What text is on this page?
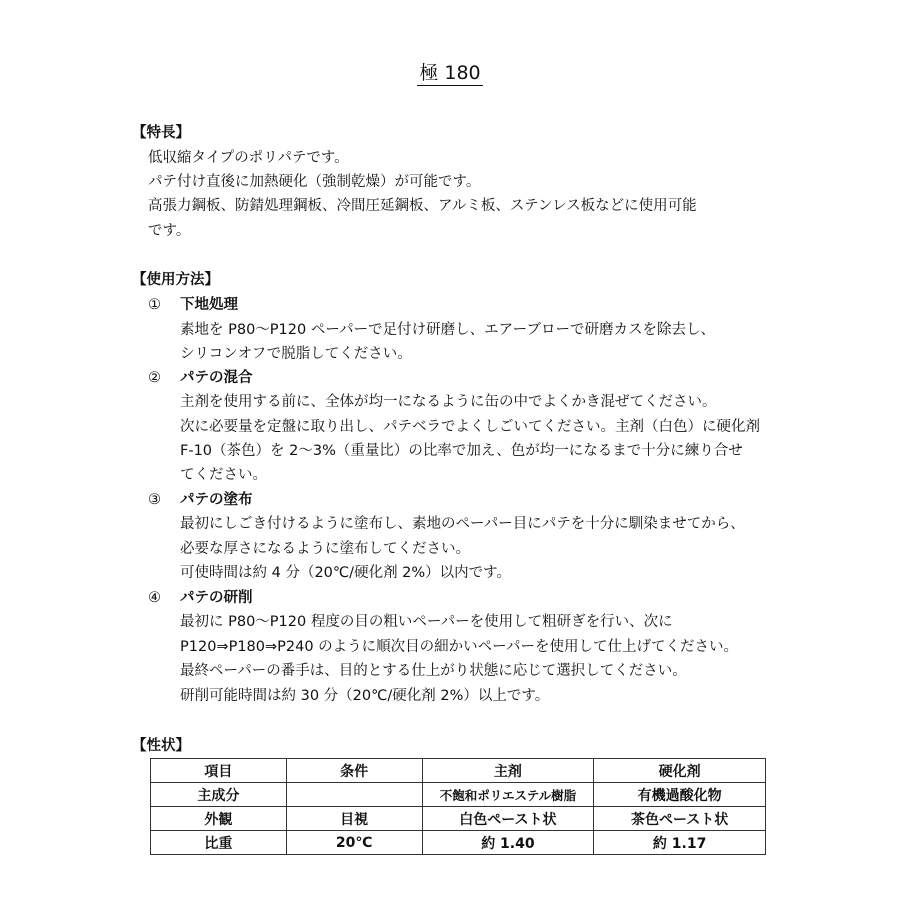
極 180
【特長】
低収縮タイプのポリパテです。
パテ付け直後に加熱硬化（強制乾燥）が可能です。
高張力鋼板、防錆処理鋼板、冷間圧延鋼板、アルミ板、ステンレス板などに使用可能
です。
【使用方法】
① 下地処理
素地を P80～P120 ペーパーで足付け研磨し、エアーブローで研磨カスを除去し、
シリコンオフで脱脂してください。
② パテの混合
主剤を使用する前に、全体が均一になるように缶の中でよくかき混ぜてください。
次に必要量を定盤に取り出し、パテベラでよくしごいてください。主剤（白色）に硬化剤
F-10（茶色）を 2～3%（重量比）の比率で加え、色が均一になるまで十分に練り合せ
てください。
③ パテの塗布
最初にしごき付けるように塗布し、素地のペーパー目にパテを十分に馴染ませてから、
必要な厚さになるように塗布してください。
可使時間は約 4 分（20℃/硬化剤 2%）以内です。
④ パテの研削
最初に P80～P120 程度の目の粗いペーパーを使用して粗研ぎを行い、次に
P120⇒P180⇒P240 のように順次目の細かいペーパーを使用して仕上げてください。
最終ペーパーの番手は、目的とする仕上がり状態に応じて選択してください。
研削可能時間は約 30 分（20℃/硬化剤 2%）以上です。
【性状】
項目	条件	主剤	硬化剤
主成分		不飽和ポリエステル樹脂	有機過酸化物
外観	目視	白色ペースト状	茶色ペースト状
比重	20℃	約 1.40	約 1.17
